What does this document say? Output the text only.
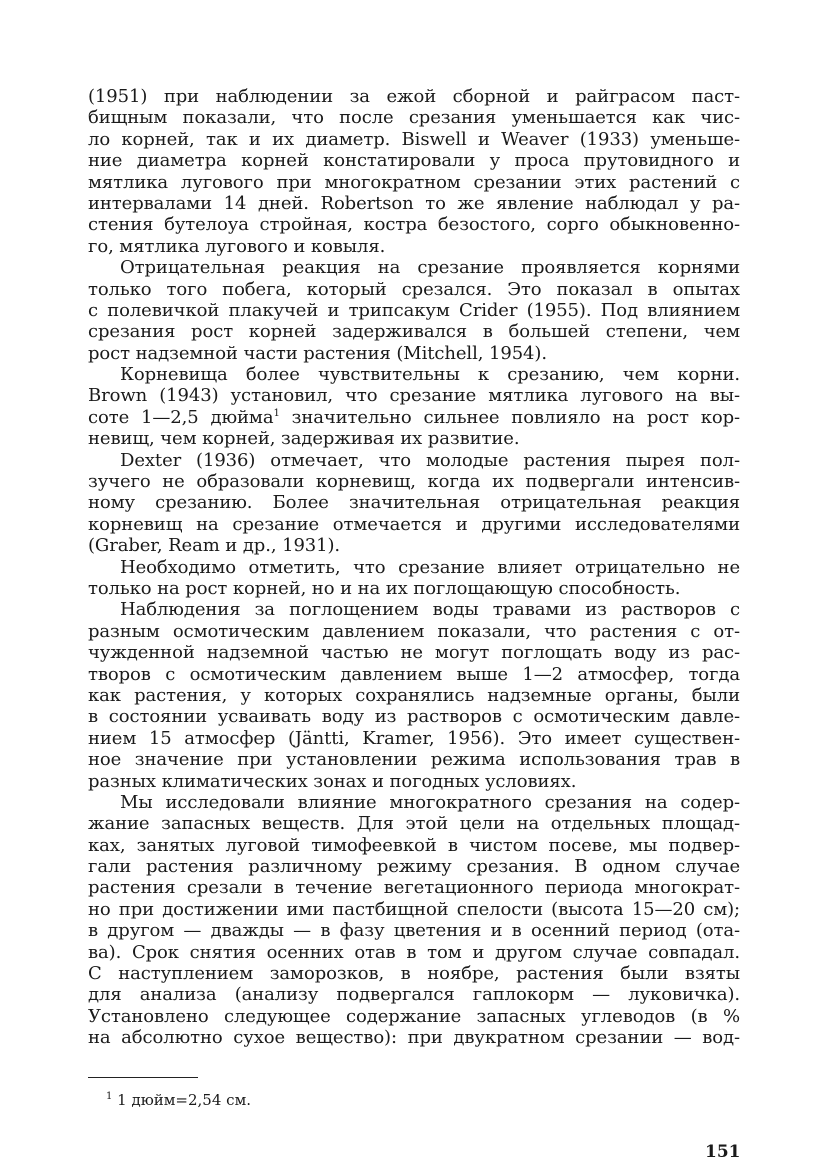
(1951) при наблюдении за ежой сборной и райграсом паст-
бищным показали, что после срезания уменьшается как чис-
ло корней, так и их диаметр. Biswell и Weaver (1933) уменьше-
ние диаметра корней констатировали у проса прутовидного и
мятлика лугового при многократном срезании этих растений с
интервалами 14 дней. Robertson то же явление наблюдал у ра-
стения бутелоуа стройная, костра безостого, сорго обыкновенно-
го, мятлика лугового и ковыля.
Отрицательная реакция на срезание проявляется корнями
только того побега, который срезался. Это показал в опытах
с полевичкой плакучей и трипсакум Crider (1955). Под влиянием
срезания рост корней задерживался в большей степени, чем
рост надземной части растения (Mitchell, 1954).
Корневища более чувствительны к срезанию, чем корни.
Brown (1943) установил, что срезание мятлика лугового на вы-
соте 1—2,5 дюйма$^1$ значительно сильнее повлияло на рост кор-
невищ, чем корней, задерживая их развитие.
Dexter (1936) отмечает, что молодые растения пырея пол-
зучего не образовали корневищ, когда их подвергали интенсив-
ному срезанию. Более значительная отрицательная реакция
корневищ на срезание отмечается и другими исследователями
(Graber, Ream и др., 1931).
Необходимо отметить, что срезание влияет отрицательно не
только на рост корней, но и на их поглощающую способность.
Наблюдения за поглощением воды травами из растворов с
разным осмотическим давлением показали, что растения с от-
чужденной надземной частью не могут поглощать воду из рас-
творов с осмотическим давлением выше 1—2 атмосфер, тогда
как растения, у которых сохранялись надземные органы, были
в состоянии усваивать воду из растворов с осмотическим давле-
нием 15 атмосфер (Jäntti, Kramer, 1956). Это имеет существен-
ное значение при установлении режима использования трав в
разных климатических зонах и погодных условиях.
Мы исследовали влияние многократного срезания на содер-
жание запасных веществ. Для этой цели на отдельных площад-
ках, занятых луговой тимофеевкой в чистом посеве, мы подвер-
гали растения различному режиму срезания. В одном случае
растения срезали в течение вегетационного периода многократ-
но при достижении ими пастбищной спелости (высота 15—20 см);
в другом — дважды — в фазу цветения и в осенний период (ота-
ва). Срок снятия осенних отав в том и другом случае совпадал.
С наступлением заморозков, в ноябре, растения были взяты
для анализа (анализу подвергался гаплокорм — луковичка).
Установлено следующее содержание запасных углеводов (в %
на абсолютно сухое вещество): при двукратном срезании — вод-
$^1$ 1 дюйм=2,54 см.
151
